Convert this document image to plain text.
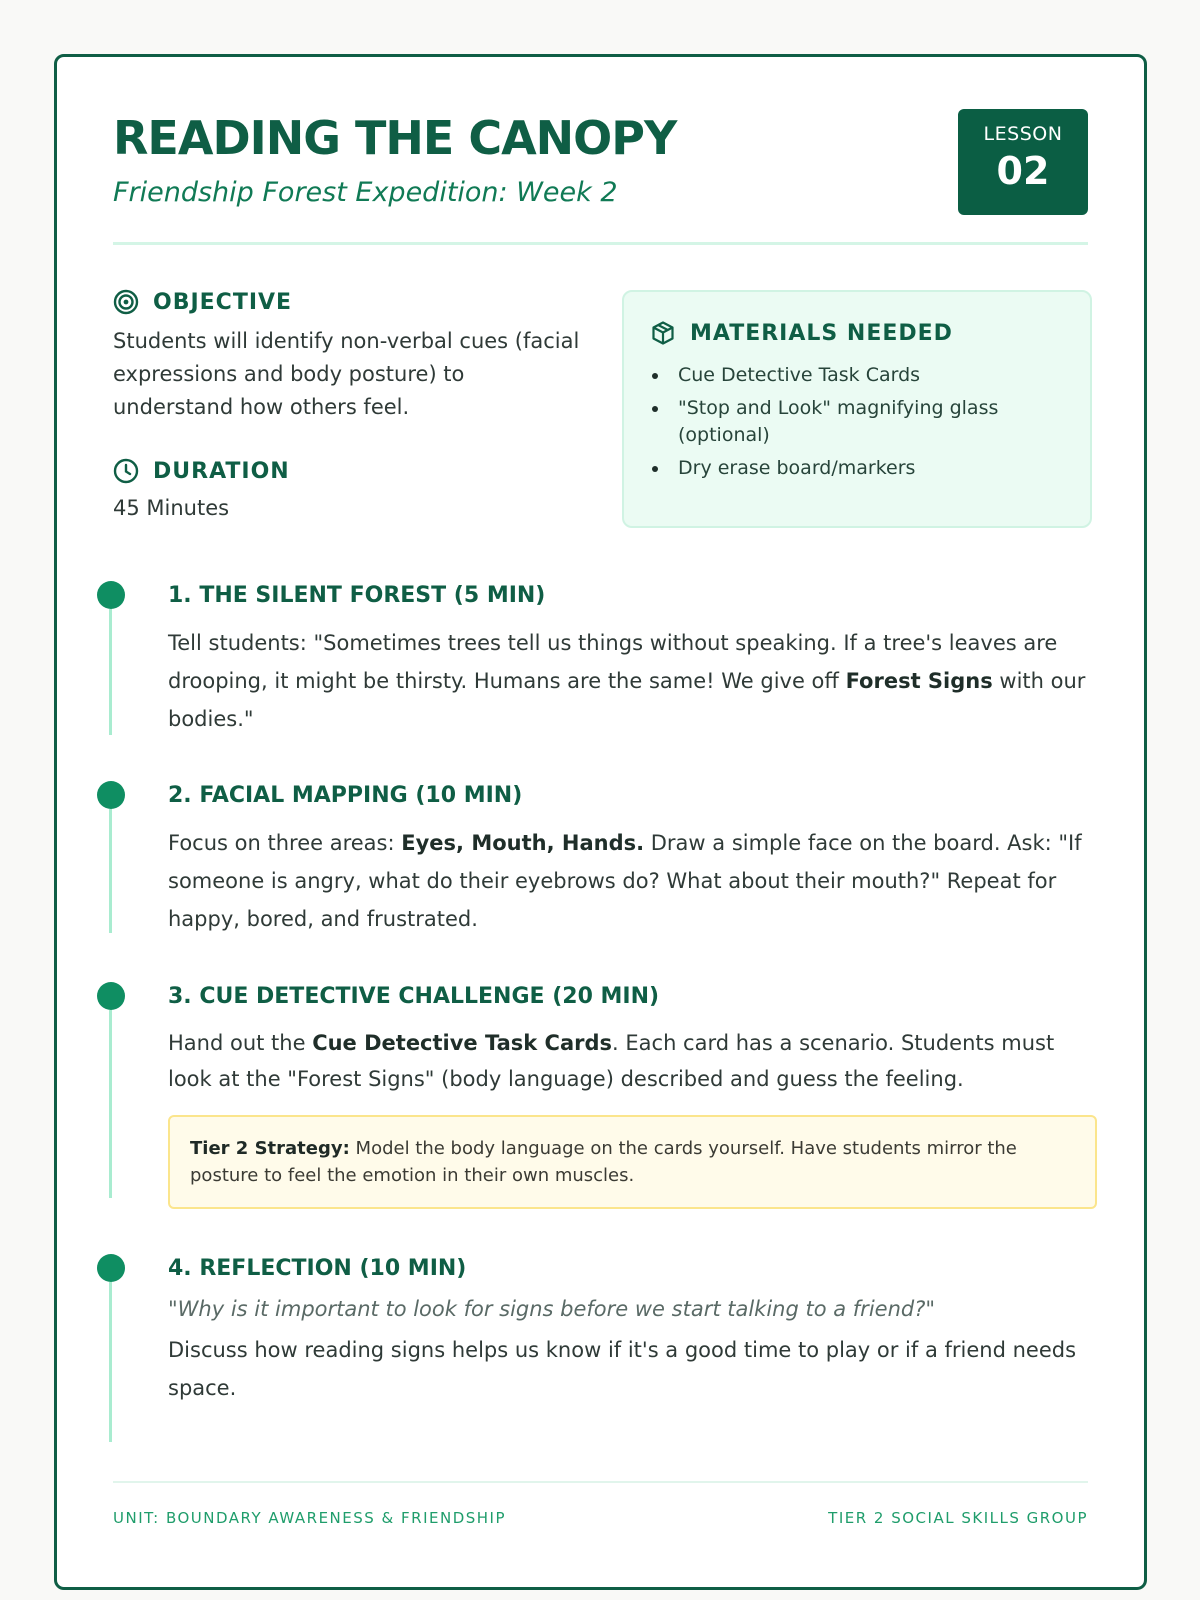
READING THE CANOPY
Friendship Forest Expedition: Week 2
LESSON
02
OBJECTIVE

Students will identify non-verbal cues (facial expressions and body posture) to understand how others feel.

DURATION
45 Minutes
MATERIALS NEEDED
Cue Detective Task Cards
"Stop and Look" magnifying glass (optional)
Dry erase board/markers
1. THE SILENT FOREST (5 MIN)

Tell students: "Sometimes trees tell us things without speaking. If a tree's leaves are drooping, it might be thirsty. Humans are the same! We give off Forest Signs with our bodies."

2. FACIAL MAPPING (10 MIN)

Focus on three areas: Eyes, Mouth, Hands. Draw a simple face on the board. Ask: "If someone is angry, what do their eyebrows do? What about their mouth?" Repeat for happy, bored, and frustrated.

3. CUE DETECTIVE CHALLENGE (20 MIN)

Hand out the Cue Detective Task Cards. Each card has a scenario. Students must look at the "Forest Signs" (body language) described and guess the feeling.

Tier 2 Strategy: Model the body language on the cards yourself. Have students mirror the posture to feel the emotion in their own muscles.
4. REFLECTION (10 MIN)

"Why is it important to look for signs before we start talking to a friend?"

Discuss how reading signs helps us know if it's a good time to play or if a friend needs space.

UNIT: BOUNDARY AWARENESS & FRIENDSHIP	TIER 2 SOCIAL SKILLS GROUP
